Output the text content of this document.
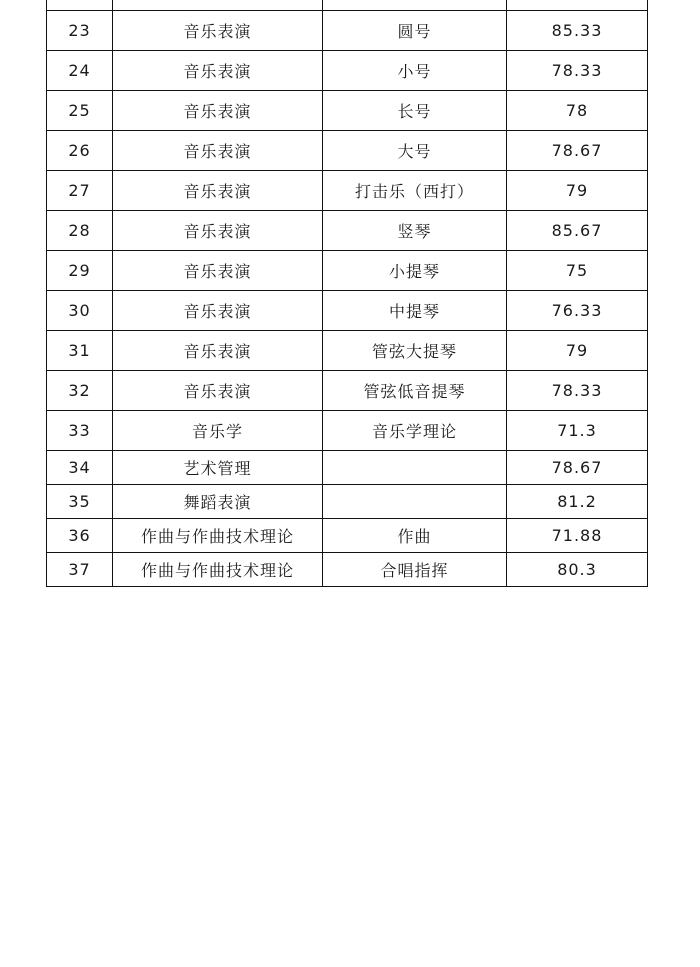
23	音乐表演	圆号	85.33
24	音乐表演	小号	78.33
25	音乐表演	长号	78
26	音乐表演	大号	78.67
27	音乐表演	打击乐（西打）	79
28	音乐表演	竖琴	85.67
29	音乐表演	小提琴	75
30	音乐表演	中提琴	76.33
31	音乐表演	管弦大提琴	79
32	音乐表演	管弦低音提琴	78.33
33	音乐学	音乐学理论	71.3
34	艺术管理		78.67
35	舞蹈表演		81.2
36	作曲与作曲技术理论	作曲	71.88
37	作曲与作曲技术理论	合唱指挥	80.3
